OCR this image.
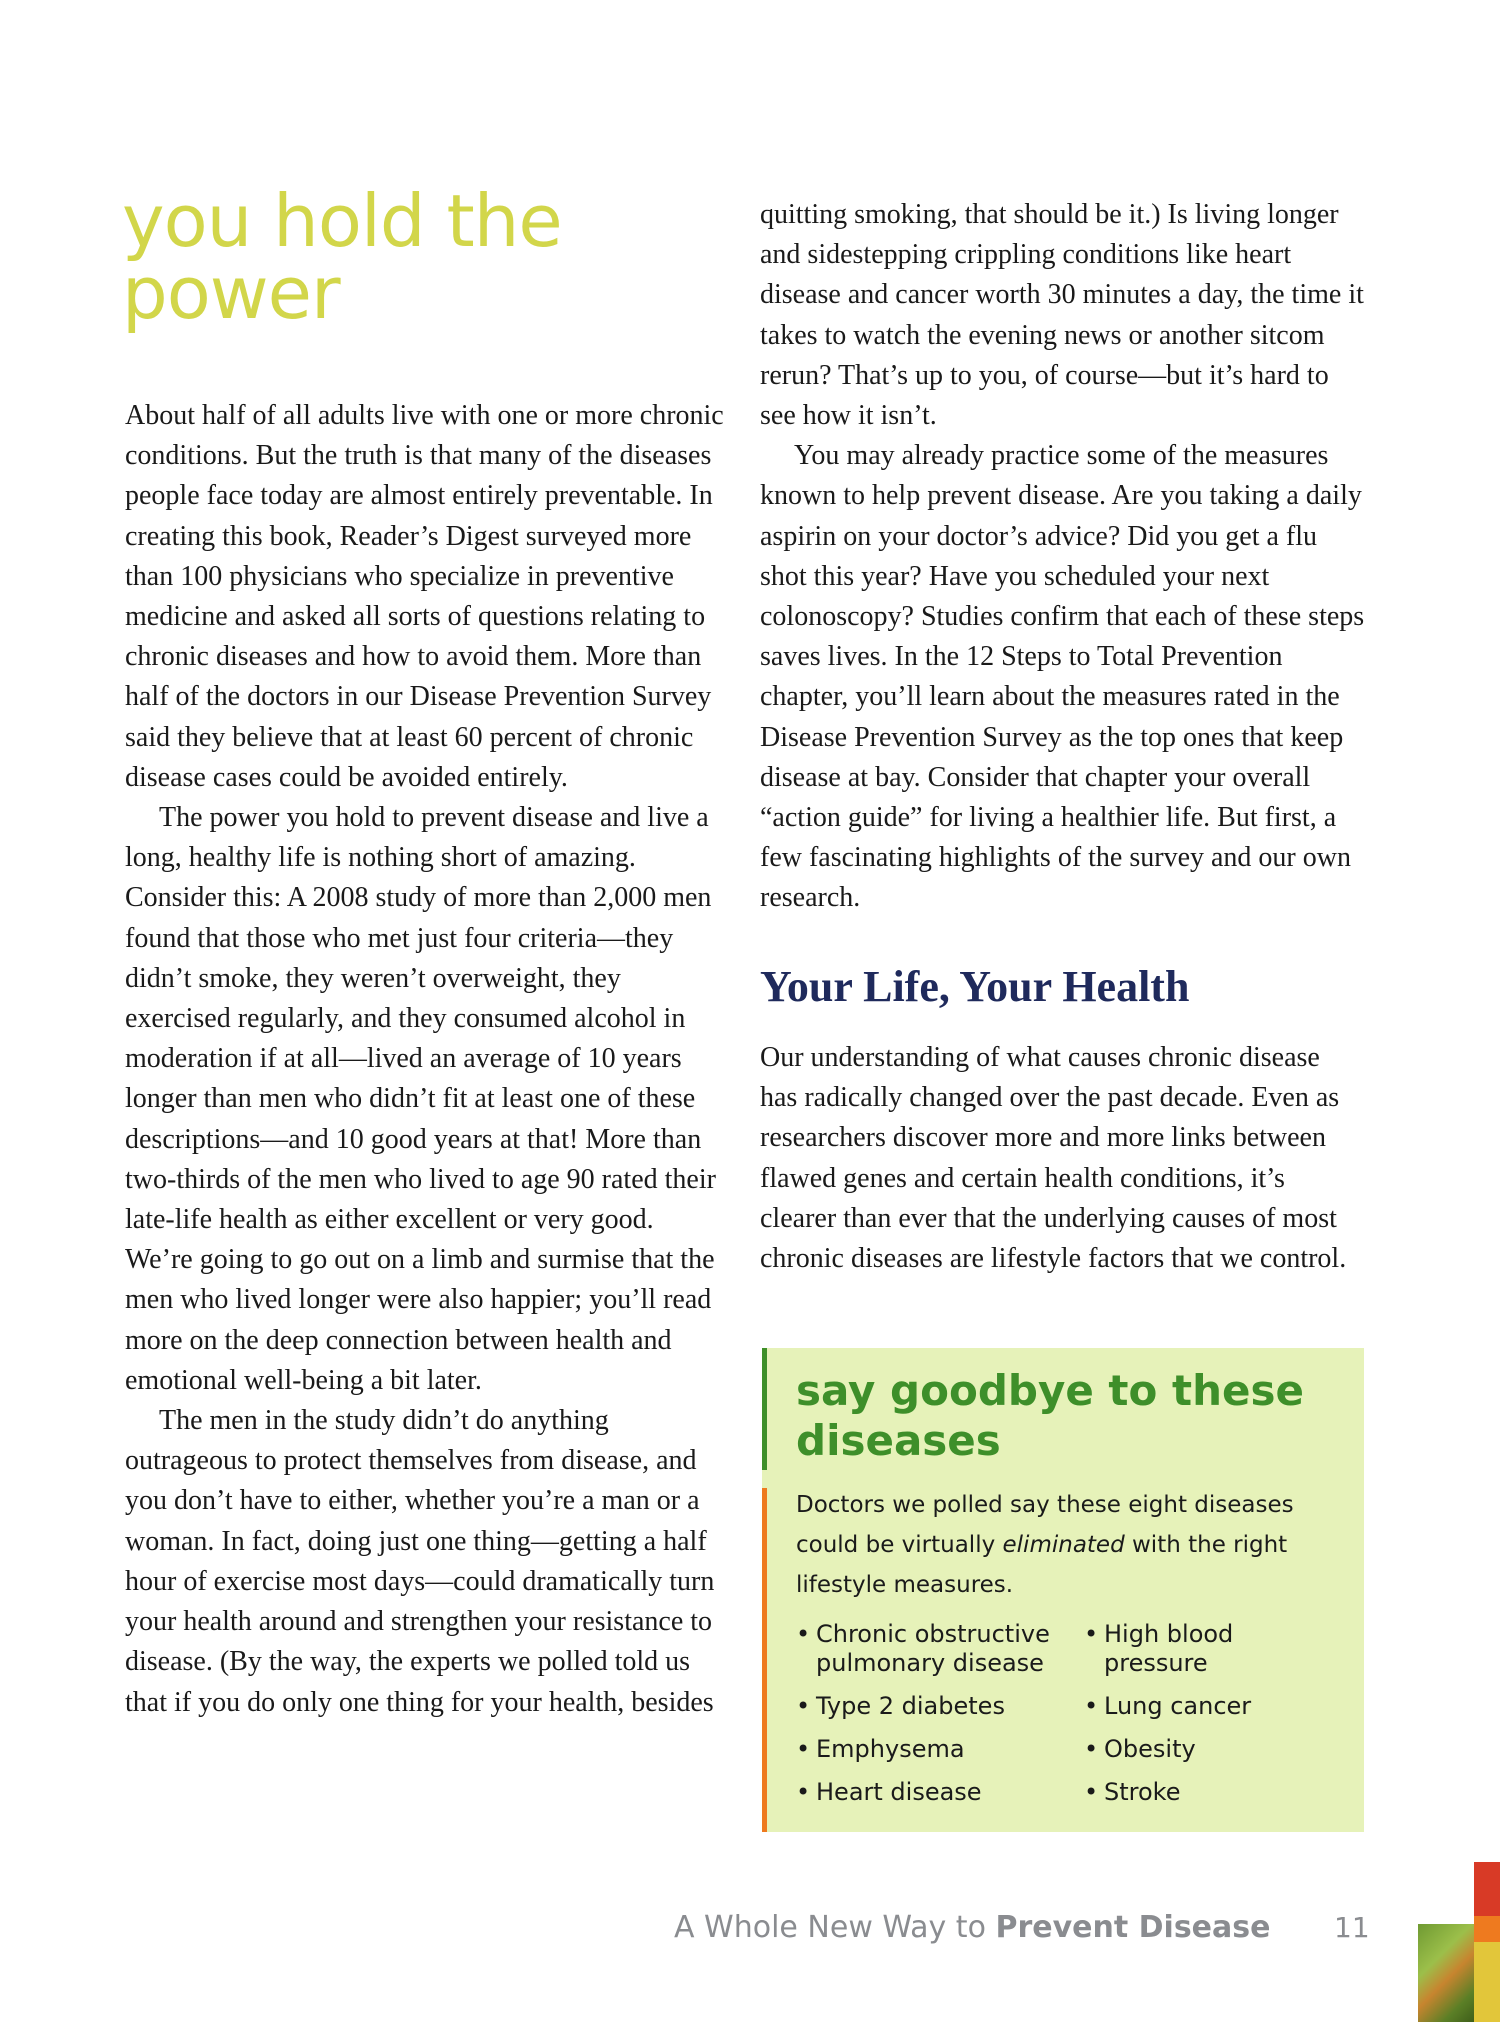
you hold the power

About half of all adults live with one or more chronic conditions. But the truth is that many of the diseases people face today are almost entirely preventable. In creating this book, Reader’s Digest surveyed more than 100 physicians who specialize in preventive medicine and asked all sorts of questions relating to chronic diseases and how to avoid them. More than half of the doctors in our Disease Prevention Survey said they believe that at least 60 percent of chronic disease cases could be avoided entirely.

The power you hold to prevent disease and live a long, healthy life is nothing short of amazing. Consider this: A 2008 study of more than 2,000 men found that those who met just four criteria—they didn’t smoke, they weren’t overweight, they exercised regularly, and they consumed alcohol in moderation if at all—lived an average of 10 years longer than men who didn’t fit at least one of these descriptions—and 10 good years at that! More than two-thirds of the men who lived to age 90 rated their late-life health as either excellent or very good. We’re going to go out on a limb and surmise that the men who lived longer were also happier; you’ll read more on the deep connection between health and emotional well-being a bit later.

The men in the study didn’t do anything outrageous to protect themselves from disease, and you don’t have to either, whether you’re a man or a woman. In fact, doing just one thing—getting a half hour of exercise most days—could dramatically turn your health around and strengthen your resistance to disease. (By the way, the experts we polled told us that if you do only one thing for your health, besides

quitting smoking, that should be it.) Is living longer and sidestepping crippling conditions like heart disease and cancer worth 30 minutes a day, the time it takes to watch the evening news or another sitcom rerun? That’s up to you, of course—but it’s hard to see how it isn’t.

You may already practice some of the measures known to help prevent disease. Are you taking a daily aspirin on your doctor’s advice? Did you get a flu shot this year? Have you scheduled your next colonoscopy? Studies confirm that each of these steps saves lives. In the 12 Steps to Total Prevention chapter, you’ll learn about the measures rated in the Disease Prevention Survey as the top ones that keep disease at bay. Consider that chapter your overall “action guide” for living a healthier life. But first, a few fascinating highlights of the survey and our own research.

Your Life, Your Health

Our understanding of what causes chronic disease has radically changed over the past decade. Even as researchers discover more and more links between flawed genes and certain health conditions, it’s clearer than ever that the underlying causes of most chronic diseases are lifestyle factors that we control.

say goodbye to these diseases

Doctors we polled say these eight diseases could be virtually eliminated with the right lifestyle measures.

• Chronic obstructive pulmonary disease
• Type 2 diabetes
• Emphysema
• Heart disease
• High blood pressure
• Lung cancer
• Obesity
• Stroke
A Whole New Way to Prevent Disease 11
